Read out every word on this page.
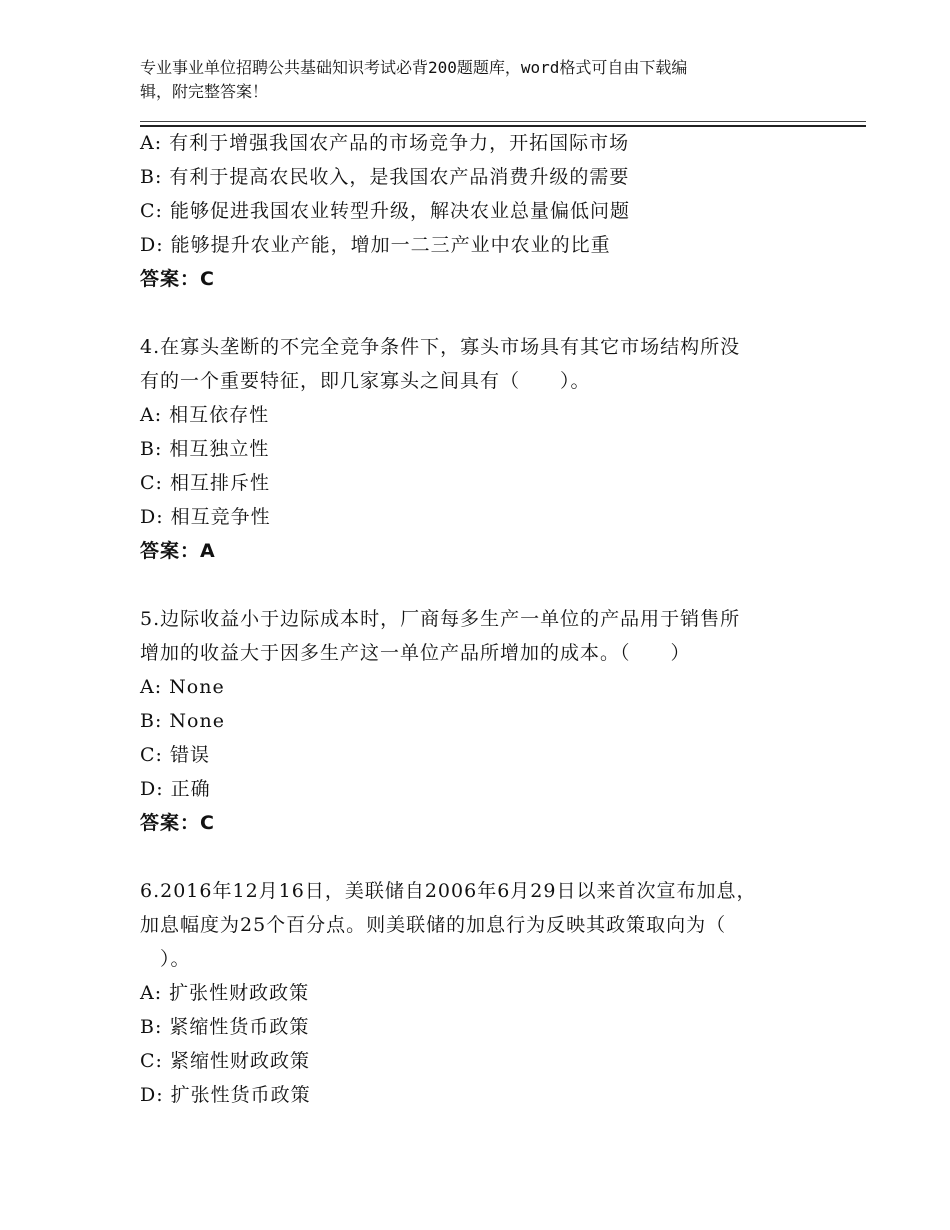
专业事业单位招聘公共基础知识考试必背200题题库，word格式可自由下载编
辑，附完整答案！
A: 有利于增强我国农产品的市场竞争力，开拓国际市场
B: 有利于提高农民收入，是我国农产品消费升级的需要
C: 能够促进我国农业转型升级，解决农业总量偏低问题
D: 能够提升农业产能，增加一二三产业中农业的比重
答案：C
4.在寡头垄断的不完全竞争条件下，寡头市场具有其它市场结构所没
有的一个重要特征，即几家寡头之间具有（　　）。
A: 相互依存性
B: 相互独立性
C: 相互排斥性
D: 相互竞争性
答案：A
5.边际收益小于边际成本时，厂商每多生产一单位的产品用于销售所
增加的收益大于因多生产这一单位产品所增加的成本。（　　）
A: None
B: None
C: 错误
D: 正确
答案：C
6.2016年12月16日，美联储自2006年6月29日以来首次宣布加息，
加息幅度为25个百分点。则美联储的加息行为反映其政策取向为（
　）。
A: 扩张性财政政策
B: 紧缩性货币政策
C: 紧缩性财政政策
D: 扩张性货币政策
